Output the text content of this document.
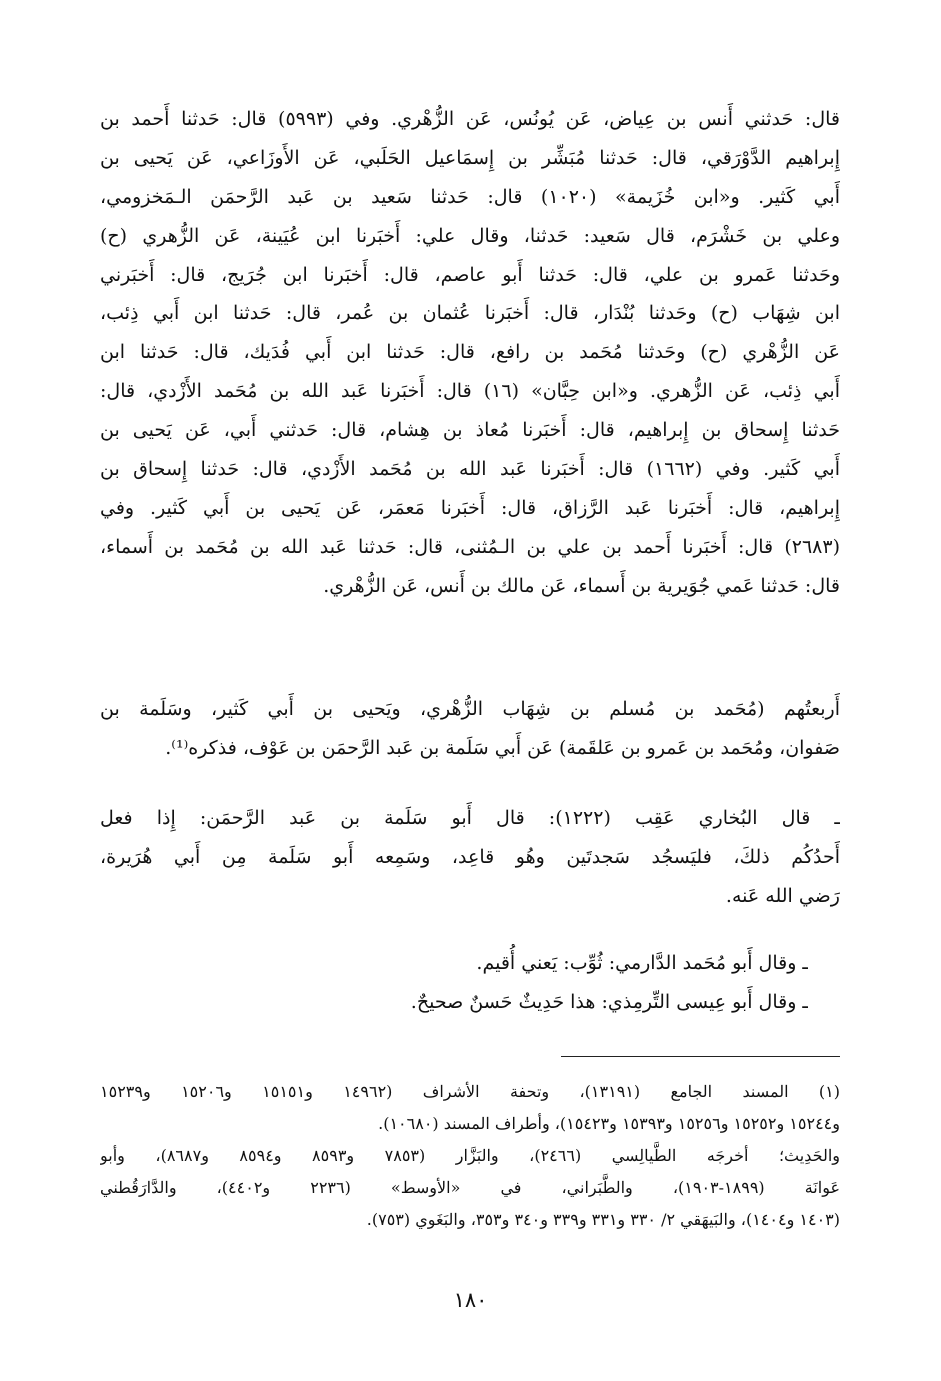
قال: حَدثني أَنس بن عِياض، عَن يُونُس، عَن الزُّهْري. وفي (٥٩٩٣) قال: حَدثنا أَحمد بن
إِبراهيم الدَّوْرَقي، قال: حَدثنا مُبَشِّر بن إِسمَاعيل الحَلَبي، عَن الأَوزَاعي، عَن يَحيى بن
أَبي كَثير. و«ابن خُزَيمة» (١٠٢٠) قال: حَدثنا سَعيد بن عَبد الرَّحمَن الـمَخزومي،
وعلي بن خَشْرَم، قال سَعيد: حَدثنا، وقال علي: أَخبَرنا ابن عُيَينة، عَن الزُّهري (ح)
وحَدثنا عَمرو بن علي، قال: حَدثنا أَبو عاصم، قال: أَخبَرنا ابن جُرَيج، قال: أَخبَرني
ابن شِهَاب (ح) وحَدثنا بُنْدَار، قال: أَخبَرنا عُثمان بن عُمر، قال: حَدثنا ابن أَبي ذِئب،
عَن الزُّهْري (ح) وحَدثنا مُحَمد بن رافع، قال: حَدثنا ابن أَبي فُدَيك، قال: حَدثنا ابن
أَبي ذِئب، عَن الزُّهري. و«ابن حِبَّان» (١٦) قال: أَخبَرنا عَبد الله بن مُحَمد الأَزْدي، قال:
حَدثنا إِسحاق بن إِبراهيم، قال: أَخبَرنا مُعاذ بن هِشام، قال: حَدثني أَبي، عَن يَحيى بن
أَبي كَثير. وفي (١٦٦٢) قال: أَخبَرنا عَبد الله بن مُحَمد الأَزْدي، قال: حَدثنا إِسحاق بن
إِبراهيم، قال: أَخبَرنا عَبد الرَّزاق، قال: أَخبَرنا مَعمَر، عَن يَحيى بن أَبي كَثير. وفي
(٢٦٨٣) قال: أَخبَرنا أَحمد بن علي بن الـمُثنى، قال: حَدثنا عَبد الله بن مُحَمد بن أَسماء،
قال: حَدثنا عَمي جُوَيرية بن أَسماء، عَن مالك بن أَنس، عَن الزُّهْري.
أَربعتُهم (مُحَمد بن مُسلم بن شِهَاب الزُّهْري، ويَحيى بن أَبي كَثير، وسَلَمة بن
صَفوان، ومُحَمد بن عَمرو بن عَلقَمة) عَن أَبي سَلَمة بن عَبد الرَّحمَن بن عَوْف، فذكره⁽¹⁾.
ـ قال البُخاري عَقِب (١٢٢٢): قال أَبو سَلَمة بن عَبد الرَّحمَن: إِذا فعل
أَحدُكُم ذلكَ، فليَسجُد سَجدتَين وهُو قاعِد، وسَمِعه أَبو سَلَمة مِن أَبي هُرَيرة،
رَضي الله عَنه.
ـ وقال أَبو مُحَمد الدَّارمي: ثُوِّب: يَعني أُقيم.
ـ وقال أَبو عِيسى التِّرمِذي: هذا حَدِيثٌ حَسنٌ صحيحٌ.
(١) المسند الجامع (١٣١٩١)، وتحفة الأشراف (١٤٩٦٢ و١٥١٥١ و١٥٢٠٦ و١٥٢٣٩
و١٥٢٤٤ و١٥٢٥٢ و١٥٢٥٦ و١٥٣٩٣ و١٥٤٢٣)، وأطراف المسند (١٠٦٨٠).
والحَدِيث؛ أخرجَه الطَّيالِسي (٢٤٦٦)، والبَزَّار (٧٨٥٣ و٨٥٩٣ و٨٥٩٤ و٨٦٨٧)، وأبو
عَوانَة (١٨٩٩-١٩٠٣)، والطَّبَراني، في «الأوسط» (٢٢٣٦ و٤٤٠٢)، والدَّارَقُطني
(١٤٠٣ و١٤٠٤)، والبَيهَقي ٢/ ٣٣٠ و٣٣١ و٣٣٩ و٣٤٠ و٣٥٣، والبَغَوي (٧٥٣).
١٨٠
